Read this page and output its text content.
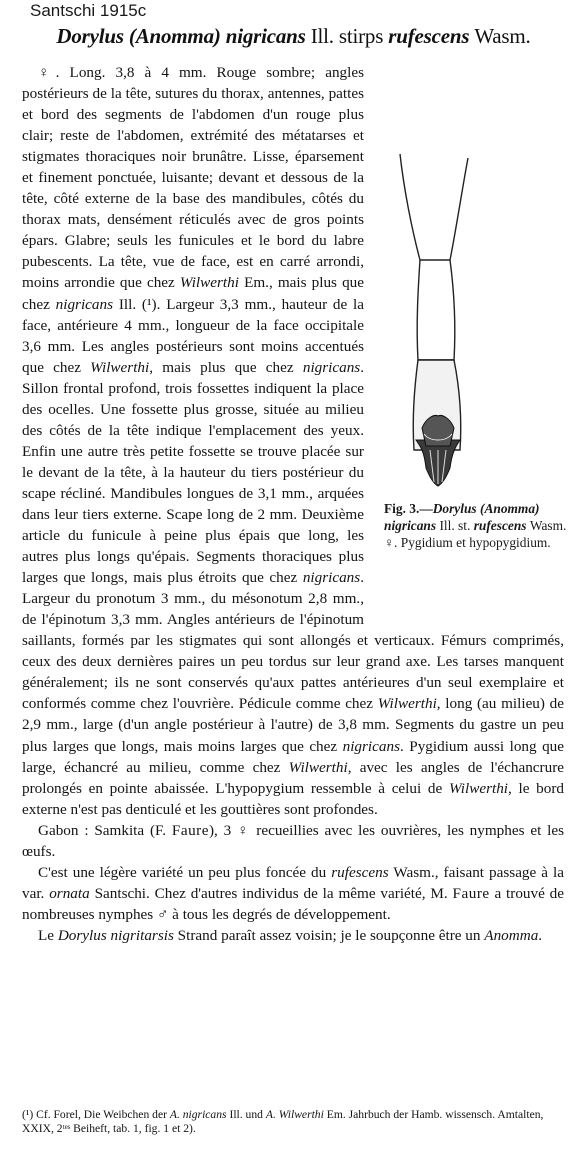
Santschi 1915c
Dorylus (Anomma) nigricans Ill. stirps rufescens Wasm.
Fig. 3.—Dorylus (Anomma) nigricans Ill. st. rufescens Wasm. ♀. Pygidium et hypopygidium.

♀. Long. 3,8 à 4 mm. Rouge sombre; angles postérieurs de la tête, sutures du thorax, antennes, pattes et bord des segments de l'abdomen d'un rouge plus clair; reste de l'abdomen, extrémité des métatarses et stigmates thoraciques noir brunâtre. Lisse, éparsement et finement ponctuée, luisante; devant et dessous de la tête, côté externe de la base des mandibules, côtés du thorax mats, densément réticulés avec de gros points épars. Glabre; seuls les funicules et le bord du labre pubescents. La tête, vue de face, est en carré arrondi, moins arrondie que chez Wilwerthi Em., mais plus que chez nigricans Ill. (¹). Largeur 3,3 mm., hauteur de la face, antérieure 4 mm., longueur de la face occipitale 3,6 mm. Les angles postérieurs sont moins accentués que chez Wilwerthi, mais plus que chez nigricans. Sillon frontal profond, trois fossettes indiquent la place des ocelles. Une fossette plus grosse, située au milieu des côtés de la tête indique l'emplacement des yeux. Enfin une autre très petite fossette se trouve placée sur le devant de la tête, à la hauteur du tiers postérieur du scape récliné. Mandibules longues de 3,1 mm., arquées dans leur tiers externe. Scape long de 2 mm. Deuxième article du funicule à peine plus épais que long, les autres plus longs qu'épais. Segments thoraciques plus larges que longs, mais plus étroits que chez nigricans. Largeur du pronotum 3 mm., du mésonotum 2,8 mm., de l'épinotum 3,3 mm. Angles antérieurs de l'épinotum saillants, formés par les stigmates qui sont allongés et verticaux. Fémurs comprimés, ceux des deux dernières paires un peu tordus sur leur grand axe. Les tarses manquent généralement; ils ne sont conservés qu'aux pattes antérieures d'un seul exemplaire et conformés comme chez l'ouvrière. Pédicule comme chez Wilwerthi, long (au milieu) de 2,9 mm., large (d'un angle postérieur à l'autre) de 3,8 mm. Segments du gastre un peu plus larges que longs, mais moins larges que chez nigricans. Pygidium aussi long que large, échancré au milieu, comme chez Wilwerthi, avec les angles de l'échancrure prolongés en pointe abaissée. L'hypopygium ressemble à celui de Wilwerthi, le bord externe n'est pas denticulé et les gouttières sont profondes.

Gabon : Samkita (F. Faure), 3 ♀ recueillies avec les ouvrières, les nymphes et les œufs.

C'est une légère variété un peu plus foncée du rufescens Wasm., faisant passage à la var. ornata Santschi. Chez d'autres individus de la même variété, M. Faure a trouvé de nombreuses nymphes ♂ à tous les degrés de développement.

Le Dorylus nigritarsis Strand paraît assez voisin; je le soupçonne être un Anomma.

(¹) Cf. Forel, Die Weibchen der A. nigricans Ill. und A. Wilwerthi Em. Jahrbuch der Hamb. wissensch. Amtalten, XXIX, 2ᵗᵉˢ Beiheft, tab. 1, fig. 1 et 2).
